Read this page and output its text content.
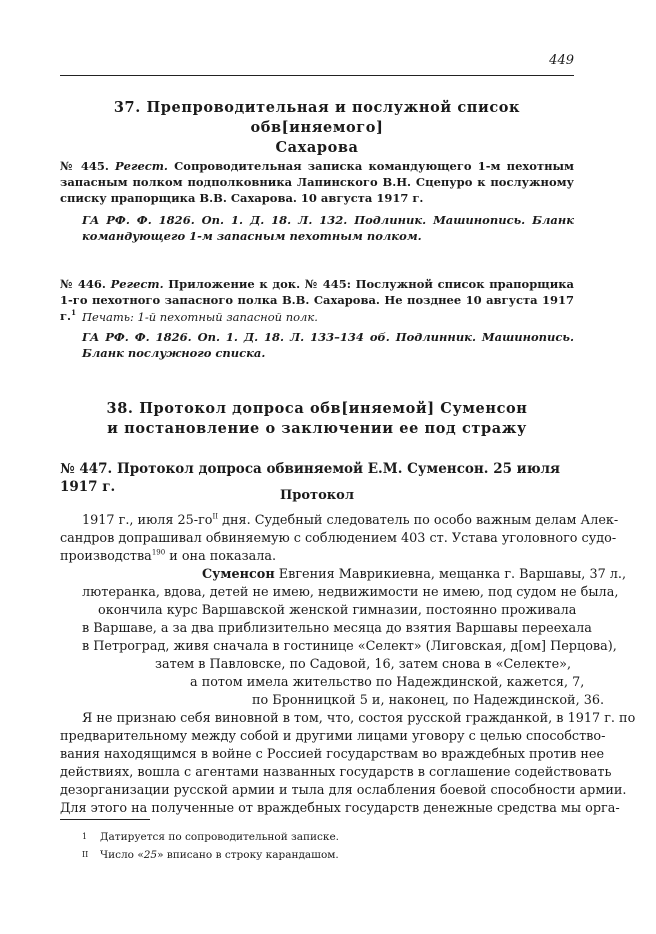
449
37. Препроводительная и послужной список обв[иняемого]
Сахарова
№ 445. Регест. Сопроводительная записка командующего 1-м пехотным запасным полком подполковника Лапинского В.Н. Сцепуро к послужному списку прапорщика В.В. Сахарова. 10 августа 1917 г.
ГА РФ. Ф. 1826. Оп. 1. Д. 18. Л. 132. Подлиник. Машинопись. Бланк командующего 1-м запасным пехотным полком.
№ 446. Регест. Приложение к док. № 445: Послужной список прапорщика 1-го пехотного запасного полка В.В. Сахарова. Не позднее 10 августа 1917 г.$^1$ Печать: 1-й пехотный запасной полк.
ГА РФ. Ф. 1826. Оп. 1. Д. 18. Л. 133–134 об. Подлинник. Машинопись. Бланк послужного списка.
38. Протокол допроса обв[иняемой] Суменсон
и постановление о заключении ее под стражу
№ 447. Протокол допроса обвиняемой Е.М. Суменсон. 25 июля 1917 г.
Протокол
1917 г., июля $25-го^{II}$ дня. Судебный следователь по особо важным делам Алек-
сандров допрашивал обвиняемую с соблюдением 403 ст. Устава уголовного судо-
производства$^{190}$ и она показала.
Суменсон Евгения Маврикиевна, мещанка г. Варшавы, 37 л.,
лютеранка, вдова, детей не имею, недвижимости не имею, под судом не была,
окончила курс Варшавской женской гимназии, постоянно проживала
в Варшаве, а за два приблизительно месяца до взятия Варшавы переехала
в Петроград, живя сначала в гостинице «Селект» (Лиговская, д[ом] Перцова),
затем в Павловске, по Садовой, 16, затем снова в «Селекте»,
а потом имела жительство по Надеждинской, кажется, 7,
по Бронницкой 5 и, наконец, по Надеждинской, 36.
Я не признаю себя виновной в том, что, состоя русской гражданкой, в 1917 г. по
предварительному между собой и другими лицами уговору с целью способство-
вания находящимся в войне с Россией государствам во враждебных против нее
действиях, вошла с агентами названных государств в соглашение содействовать
дезорганизации русской армии и тыла для ослабления боевой способности армии.
Для этого на полученные от враждебных государств денежные средства мы орга-
1 Датируется по сопроводительной записке.
II Число «25» вписано в строку карандашом.
